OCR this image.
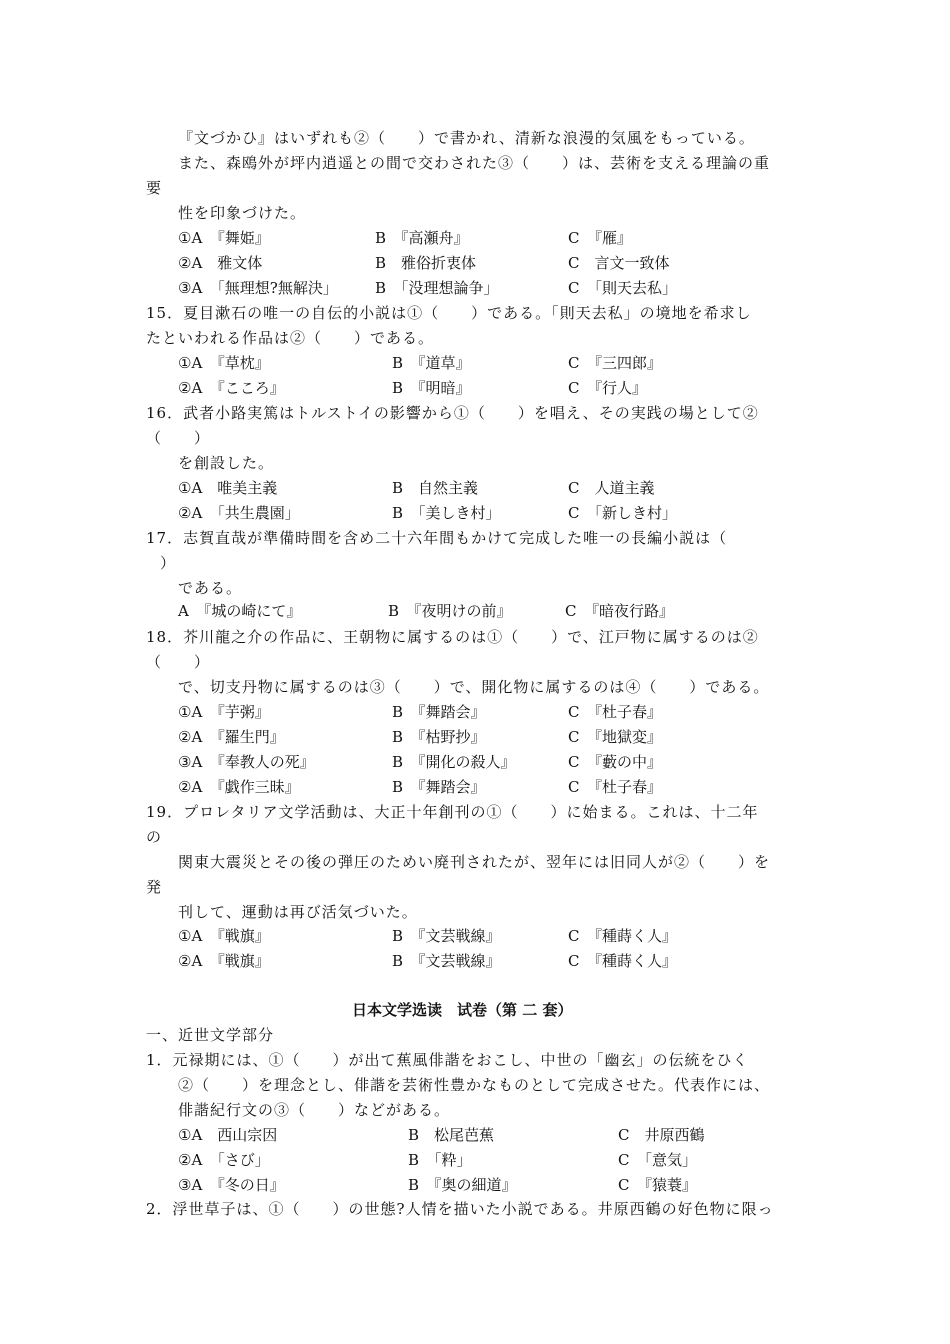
『文づかひ』はいずれも②（　　）で書かれ、清新な浪漫的気風をもっている。
また、森鴎外が坪内逍遥との間で交わされた③（　　）は、芸術を支える理論の重
要
性を印象づけた。
①A　『舞姫』	B　『高瀬舟』	C　『雁』
②A　雅文体	B　雅俗折衷体	C　言文一致体
③A　「無理想?無解決」 B　「没理想論争」	C　「則天去私」
15．夏目漱石の唯一の自伝的小説は①（　　）である。「則天去私」の境地を希求し
たといわれる作品は②（　　）である。
①A　『草枕』	B　『道草』	C　『三四郎』
②A　『こころ』	B　『明暗』	C　『行人』
16．武者小路実篤はトルストイの影響から①（　　）を唱え、その実践の場として②
（　　）
を創設した。
①A　唯美主義	B　自然主義	C　人道主義
②A　「共生農園」	B　「美しき村」	C　「新しき村」
17．志賀直哉が準備時間を含め二十六年間もかけて完成した唯一の長編小説は（
）
である。
A　『城の崎にて』	B　『夜明けの前』	C　『暗夜行路』
18．芥川龍之介の作品に、王朝物に属するのは①（　　）で、江戸物に属するのは②
（　　）
で、切支丹物に属するのは③（　　）で、開化物に属するのは④（　　）である。
①A　『芋粥』	B　『舞踏会』	C　『杜子春』
②A　『羅生門』	B　『枯野抄』	C　『地獄変』
③A　『奉教人の死』	B　『開化の殺人』	C　『藪の中』
②A　『戯作三昧』	B　『舞踏会』	C　『杜子春』
19．プロレタリア文学活動は、大正十年創刊の①（　　）に始まる。これは、十二年
の
関東大震災とその後の弾圧のためい廃刊されたが、翌年には旧同人が②（　　）を
発
刊して、運動は再び活気づいた。
①A　『戦旗』	B　『文芸戦線』	C　『種蒔く人』
②A　『戦旗』	B　『文芸戦線』	C　『種蒔く人』
日本文学选读　试卷（第 二 套）
一、近世文学部分
1．元禄期には、①（　　）が出て蕉風俳諧をおこし、中世の「幽玄」の伝統をひく
②（　　）を理念とし、俳諧を芸術性豊かなものとして完成させた。代表作には、
俳諧紀行文の③（　　）などがある。
①A　西山宗因	B　松尾芭蕉	C　井原西鶴
②A　「さび」	B　「粋」	C　「意気」
③A　『冬の日』	B　『奥の細道』	C　『猿蓑』
2．浮世草子は、①（　　）の世態?人情を描いた小説である。井原西鶴の好色物に限っ
